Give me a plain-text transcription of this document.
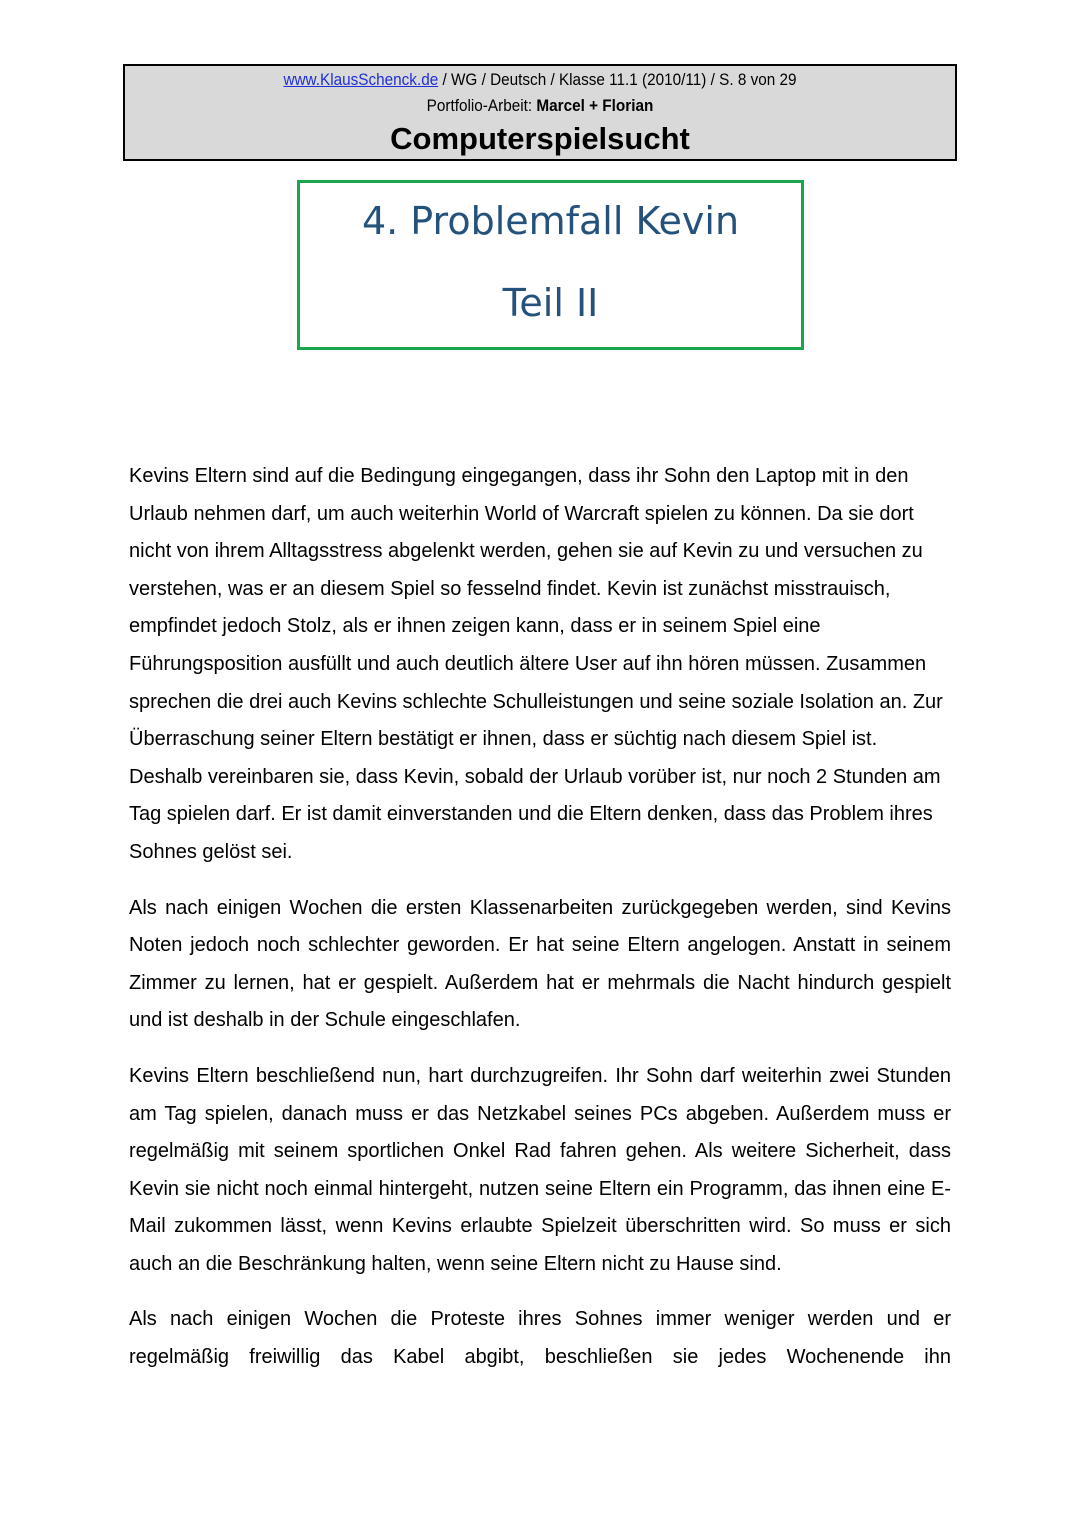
www.KlausSchenck.de / WG / Deutsch / Klasse 11.1 (2010/11) / S. 8 von 29
Portfolio-Arbeit: Marcel + Florian
Computerspielsucht
4. Problemfall Kevin
Teil II

Kevins Eltern sind auf die Bedingung eingegangen, dass ihr Sohn den Laptop mit in den Urlaub nehmen darf, um auch weiterhin World of Warcraft spielen zu können. Da sie dort nicht von ihrem Alltagsstress abgelenkt werden, gehen sie auf Kevin zu und versuchen zu verstehen, was er an diesem Spiel so fesselnd findet. Kevin ist zunächst misstrauisch, empfindet jedoch Stolz, als er ihnen zeigen kann, dass er in seinem Spiel eine Führungsposition ausfüllt und auch deutlich ältere User auf ihn hören müssen. Zusammen sprechen die drei auch Kevins schlechte Schulleistungen und seine soziale Isolation an. Zur Überraschung seiner Eltern bestätigt er ihnen, dass er süchtig nach diesem Spiel ist. Deshalb vereinbaren sie, dass Kevin, sobald der Urlaub vorüber ist, nur noch 2 Stunden am Tag spielen darf. Er ist damit einverstanden und die Eltern denken, dass das Problem ihres Sohnes gelöst sei.

Als nach einigen Wochen die ersten Klassenarbeiten zurückgegeben werden, sind Kevins Noten jedoch noch schlechter geworden. Er hat seine Eltern angelogen. Anstatt in seinem Zimmer zu lernen, hat er gespielt. Außerdem hat er mehrmals die Nacht hindurch gespielt und ist deshalb in der Schule eingeschlafen.

Kevins Eltern beschließend nun, hart durchzugreifen. Ihr Sohn darf weiterhin zwei Stunden am Tag spielen, danach muss er das Netzkabel seines PCs abgeben. Außerdem muss er regelmäßig mit seinem sportlichen Onkel Rad fahren gehen. Als weitere Sicherheit, dass Kevin sie nicht noch einmal hintergeht, nutzen seine Eltern ein Programm, das ihnen eine E-Mail zukommen lässt, wenn Kevins erlaubte Spielzeit überschritten wird. So muss er sich auch an die Beschränkung halten, wenn seine Eltern nicht zu Hause sind.

Als nach einigen Wochen die Proteste ihres Sohnes immer weniger werden und er regelmäßig freiwillig das Kabel abgibt, beschließen sie jedes Wochenende ihn
